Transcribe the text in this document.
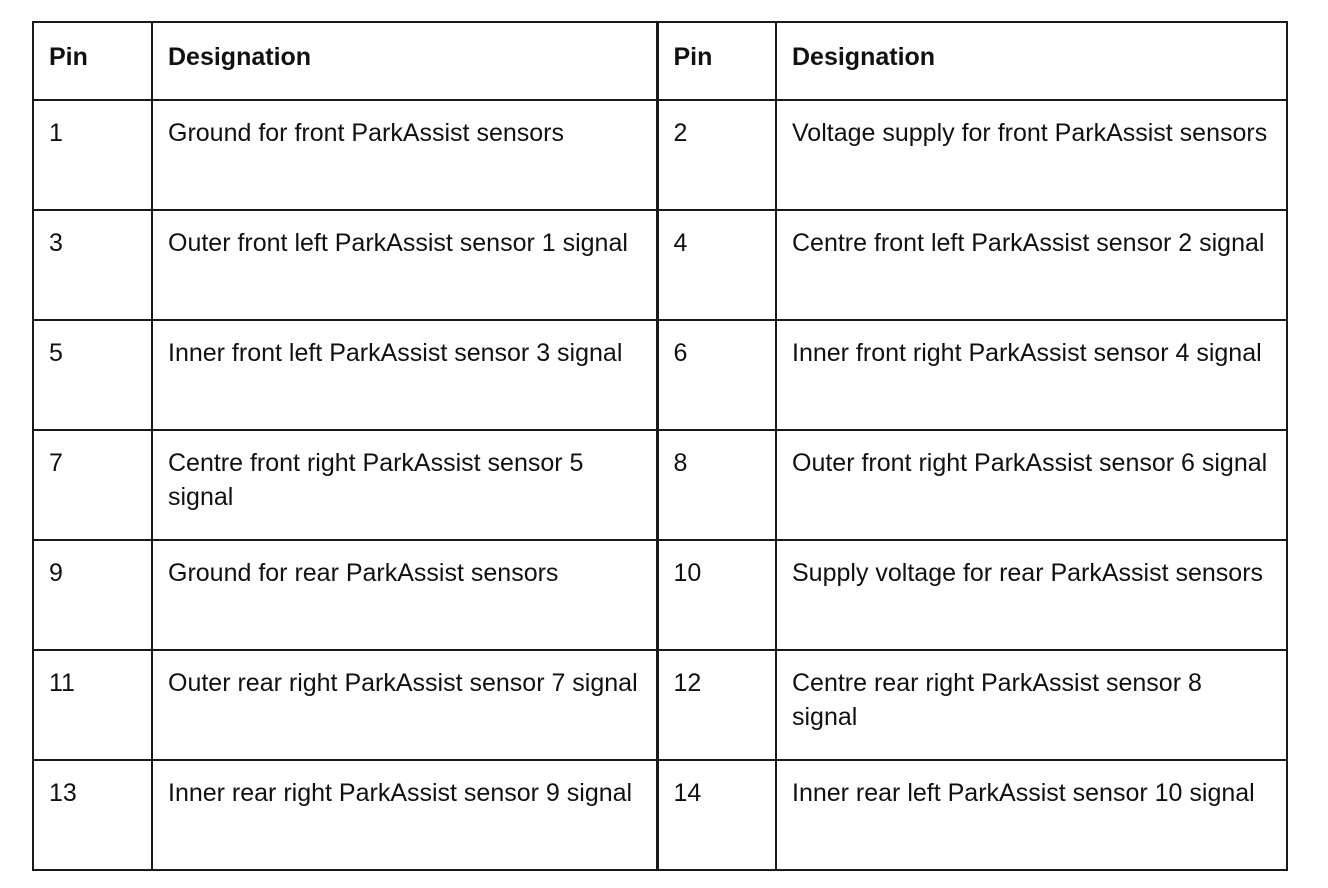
Pin	Designation	Pin	Designation
1	Ground for front ParkAssist sensors	2	Voltage supply for front ParkAssist sensors
3	Outer front left ParkAssist sensor 1 signal	4	Centre front left ParkAssist sensor 2 signal
5	Inner front left ParkAssist sensor 3 signal	6	Inner front right ParkAssist sensor 4 signal
7	Centre front right ParkAssist sensor 5 signal	8	Outer front right ParkAssist sensor 6 signal
9	Ground for rear ParkAssist sensors	10	Supply voltage for rear ParkAssist sensors
11	Outer rear right ParkAssist sensor 7 signal	12	Centre rear right ParkAssist sensor 8 signal
13	Inner rear right ParkAssist sensor 9 signal	14	Inner rear left ParkAssist sensor 10 signal
